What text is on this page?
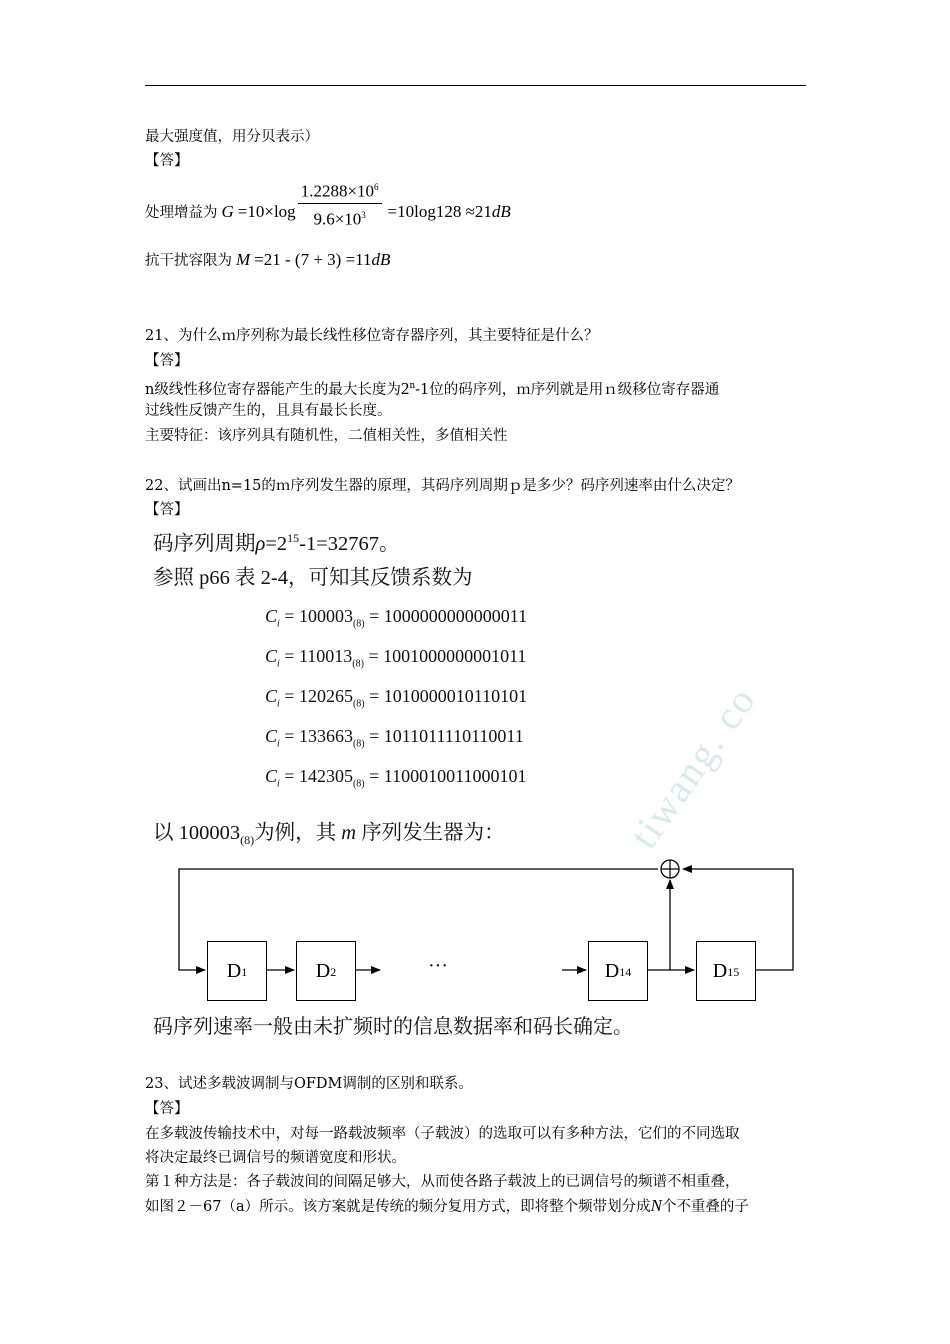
最大强度值，用分贝表示）
【答】
处理增益为 $G =10\times\log \frac{1.2288\times 10^6}{9.6\times 10^3} =10\log 128 \approx 21dB$
抗干扰容限为 M =21 - (7 + 3) =11dB
21、为什么ｍ序列称为最长线性移位寄存器序列，其主要特征是什么？
【答】
n级线性移位寄存器能产生的最大长度为2$^n$-1位的码序列，ｍ序列就是用ｎ级移位寄存器通
过线性反馈产生的，且具有最长长度。
主要特征：该序列具有随机性，二值相关性，多值相关性
22、试画出n=15的ｍ序列发生器的原理，其码序列周期ｐ是多少？码序列速率由什么决定？
【答】
tiwang. co
码序列周期$\rho=2^{15}-1=32767$。
参照 p66 表 2-4，可知其反馈系数为
$C_i = 100003_{(8)} = 1000000000000011$
$C_i = 110013_{(8)} = 1001000000001011$
$C_i = 120265_{(8)} = 1010000010110101$
$C_i = 133663_{(8)} = 1011011110110011$
$C_i = 142305_{(8)} = 1100010011000101$
以 $100003_{(8)}$为例，其 m 序列发生器为：
$D_1$	$D_2$	···	$D_{14}$	$D_{15}$
码序列速率一般由未扩频时的信息数据率和码长确定。
23、试述多载波调制与OFDM调制的区别和联系。
【答】
在多载波传输技术中，对每一路载波频率（子载波）的选取可以有多种方法，它们的不同选取
将决定最终已调信号的频谱宽度和形状。
第１种方法是：各子载波间的间隔足够大，从而使各路子载波上的已调信号的频谱不相重叠，
如图２－67（a）所示。该方案就是传统的频分复用方式，即将整个频带划分成N个不重叠的子
